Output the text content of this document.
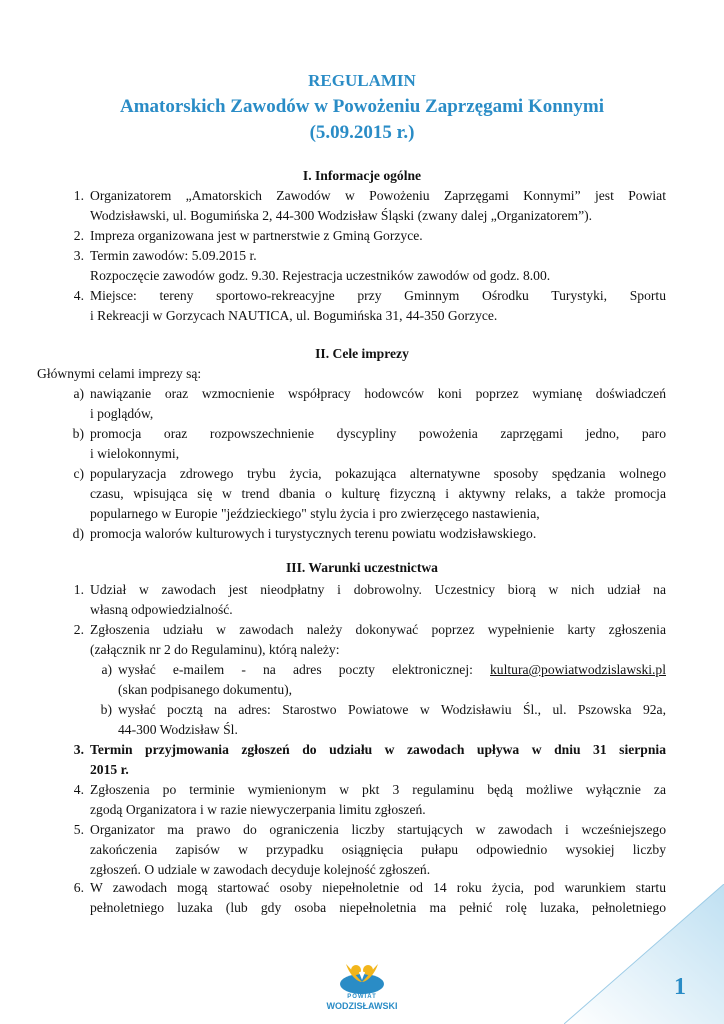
REGULAMIN
Amatorskich Zawodów w Powożeniu Zaprzęgami Konnymi
(5.09.2015 r.)
I. Informacje ogólne
1. Organizatorem „Amatorskich Zawodów w Powożeniu Zaprzęgami Konnymi” jest Powiat
Wodzisławski, ul. Bogumińska 2, 44-300 Wodzisław Śląski (zwany dalej „Organizatorem”).
2. Impreza organizowana jest w partnerstwie z Gminą Gorzyce.
3. Termin zawodów: 5.09.2015 r.
Rozpoczęcie zawodów godz. 9.30. Rejestracja uczestników zawodów od godz. 8.00.
4. Miejsce: tereny sportowo-rekreacyjne przy Gminnym Ośrodku Turystyki, Sportu
i Rekreacji w Gorzycach NAUTICA, ul. Bogumińska 31, 44-350 Gorzyce.
II. Cele imprezy
Głównymi celami imprezy są:
a) nawiązanie oraz wzmocnienie współpracy hodowców koni poprzez wymianę doświadczeń
i poglądów,
b) promocja oraz rozpowszechnienie dyscypliny powożenia zaprzęgami jedno, paro
i wielokonnymi,
c) popularyzacja zdrowego trybu życia, pokazująca alternatywne sposoby spędzania wolnego
czasu, wpisująca się w trend dbania o kulturę fizyczną i aktywny relaks, a także promocja
popularnego w Europie "jeździeckiego" stylu życia i pro zwierzęcego nastawienia,
d) promocja walorów kulturowych i turystycznych terenu powiatu wodzisławskiego.
III. Warunki uczestnictwa
1. Udział w zawodach jest nieodpłatny i dobrowolny. Uczestnicy biorą w nich udział na
własną odpowiedzialność.
2. Zgłoszenia udziału w zawodach należy dokonywać poprzez wypełnienie karty zgłoszenia
(załącznik nr 2 do Regulaminu), którą należy:
a) wysłać e-mailem - na adres poczty elektronicznej: kultura@powiatwodzislawski.pl
(skan podpisanego dokumentu),
b) wysłać pocztą na adres: Starostwo Powiatowe w Wodzisławiu Śl., ul. Pszowska 92a,
44-300 Wodzisław Śl.
3. Termin przyjmowania zgłoszeń do udziału w zawodach upływa w dniu 31 sierpnia
2015 r.
4. Zgłoszenia po terminie wymienionym w pkt 3 regulaminu będą możliwe wyłącznie za
zgodą Organizatora i w razie niewyczerpania limitu zgłoszeń.
5. Organizator ma prawo do ograniczenia liczby startujących w zawodach i wcześniejszego
zakończenia zapisów w przypadku osiągnięcia pułapu odpowiednio wysokiej liczby
zgłoszeń. O udziale w zawodach decyduje kolejność zgłoszeń.
6. W zawodach mogą startować osoby niepełnoletnie od 14 roku życia, pod warunkiem startu
pełnoletniego luzaka (lub gdy osoba niepełnoletnia ma pełnić rolę luzaka, pełnoletniego
POWIAT
WODZISŁAWSKI
1
